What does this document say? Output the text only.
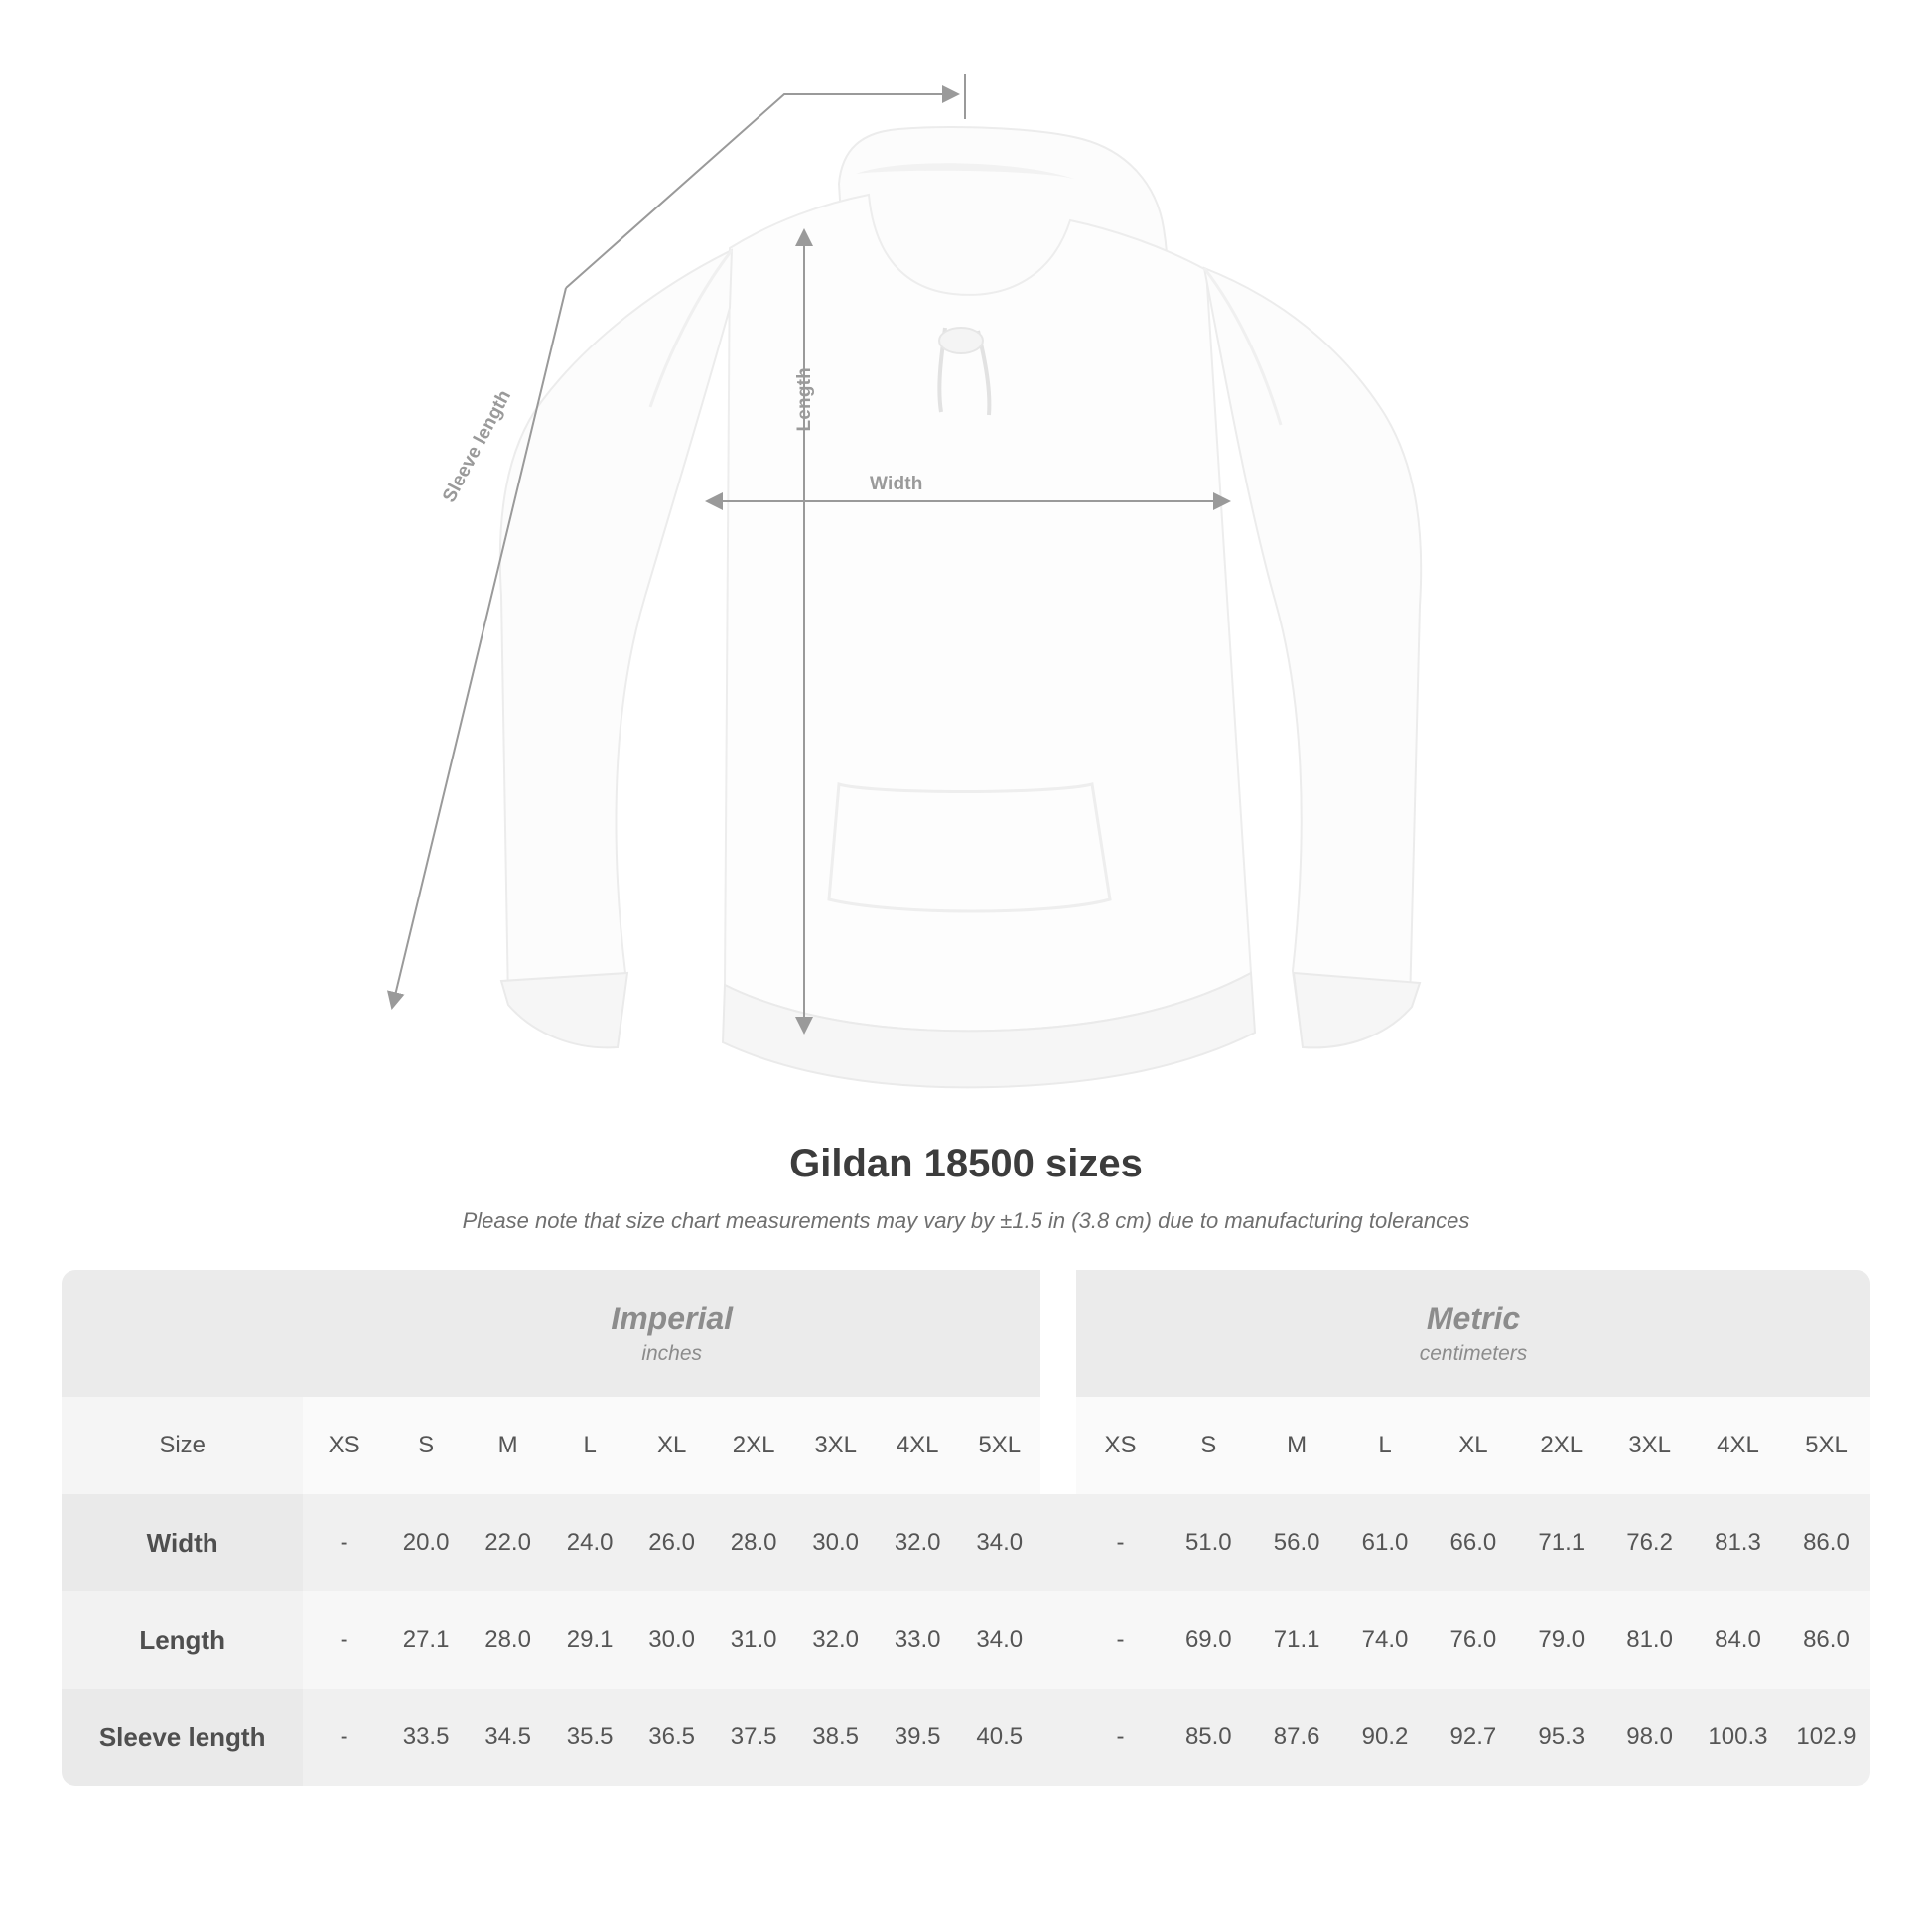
Length
Width
Sleeve length
Gildan 18500 sizes
Please note that size chart measurements may vary by ±1.5 in (3.8 cm) due to manufacturing tolerances

Imperial
inches

Metric
centimeters

Size	XS	S	M	L	XL	2XL	3XL	4XL	5XL		XS	S	M	L	XL	2XL	3XL	4XL	5XL
Width	-	20.0	22.0	24.0	26.0	28.0	30.0	32.0	34.0		-	51.0	56.0	61.0	66.0	71.1	76.2	81.3	86.0
Length	-	27.1	28.0	29.1	30.0	31.0	32.0	33.0	34.0		-	69.0	71.1	74.0	76.0	79.0	81.0	84.0	86.0
Sleeve length	-	33.5	34.5	35.5	36.5	37.5	38.5	39.5	40.5		-	85.0	87.6	90.2	92.7	95.3	98.0	100.3	102.9
